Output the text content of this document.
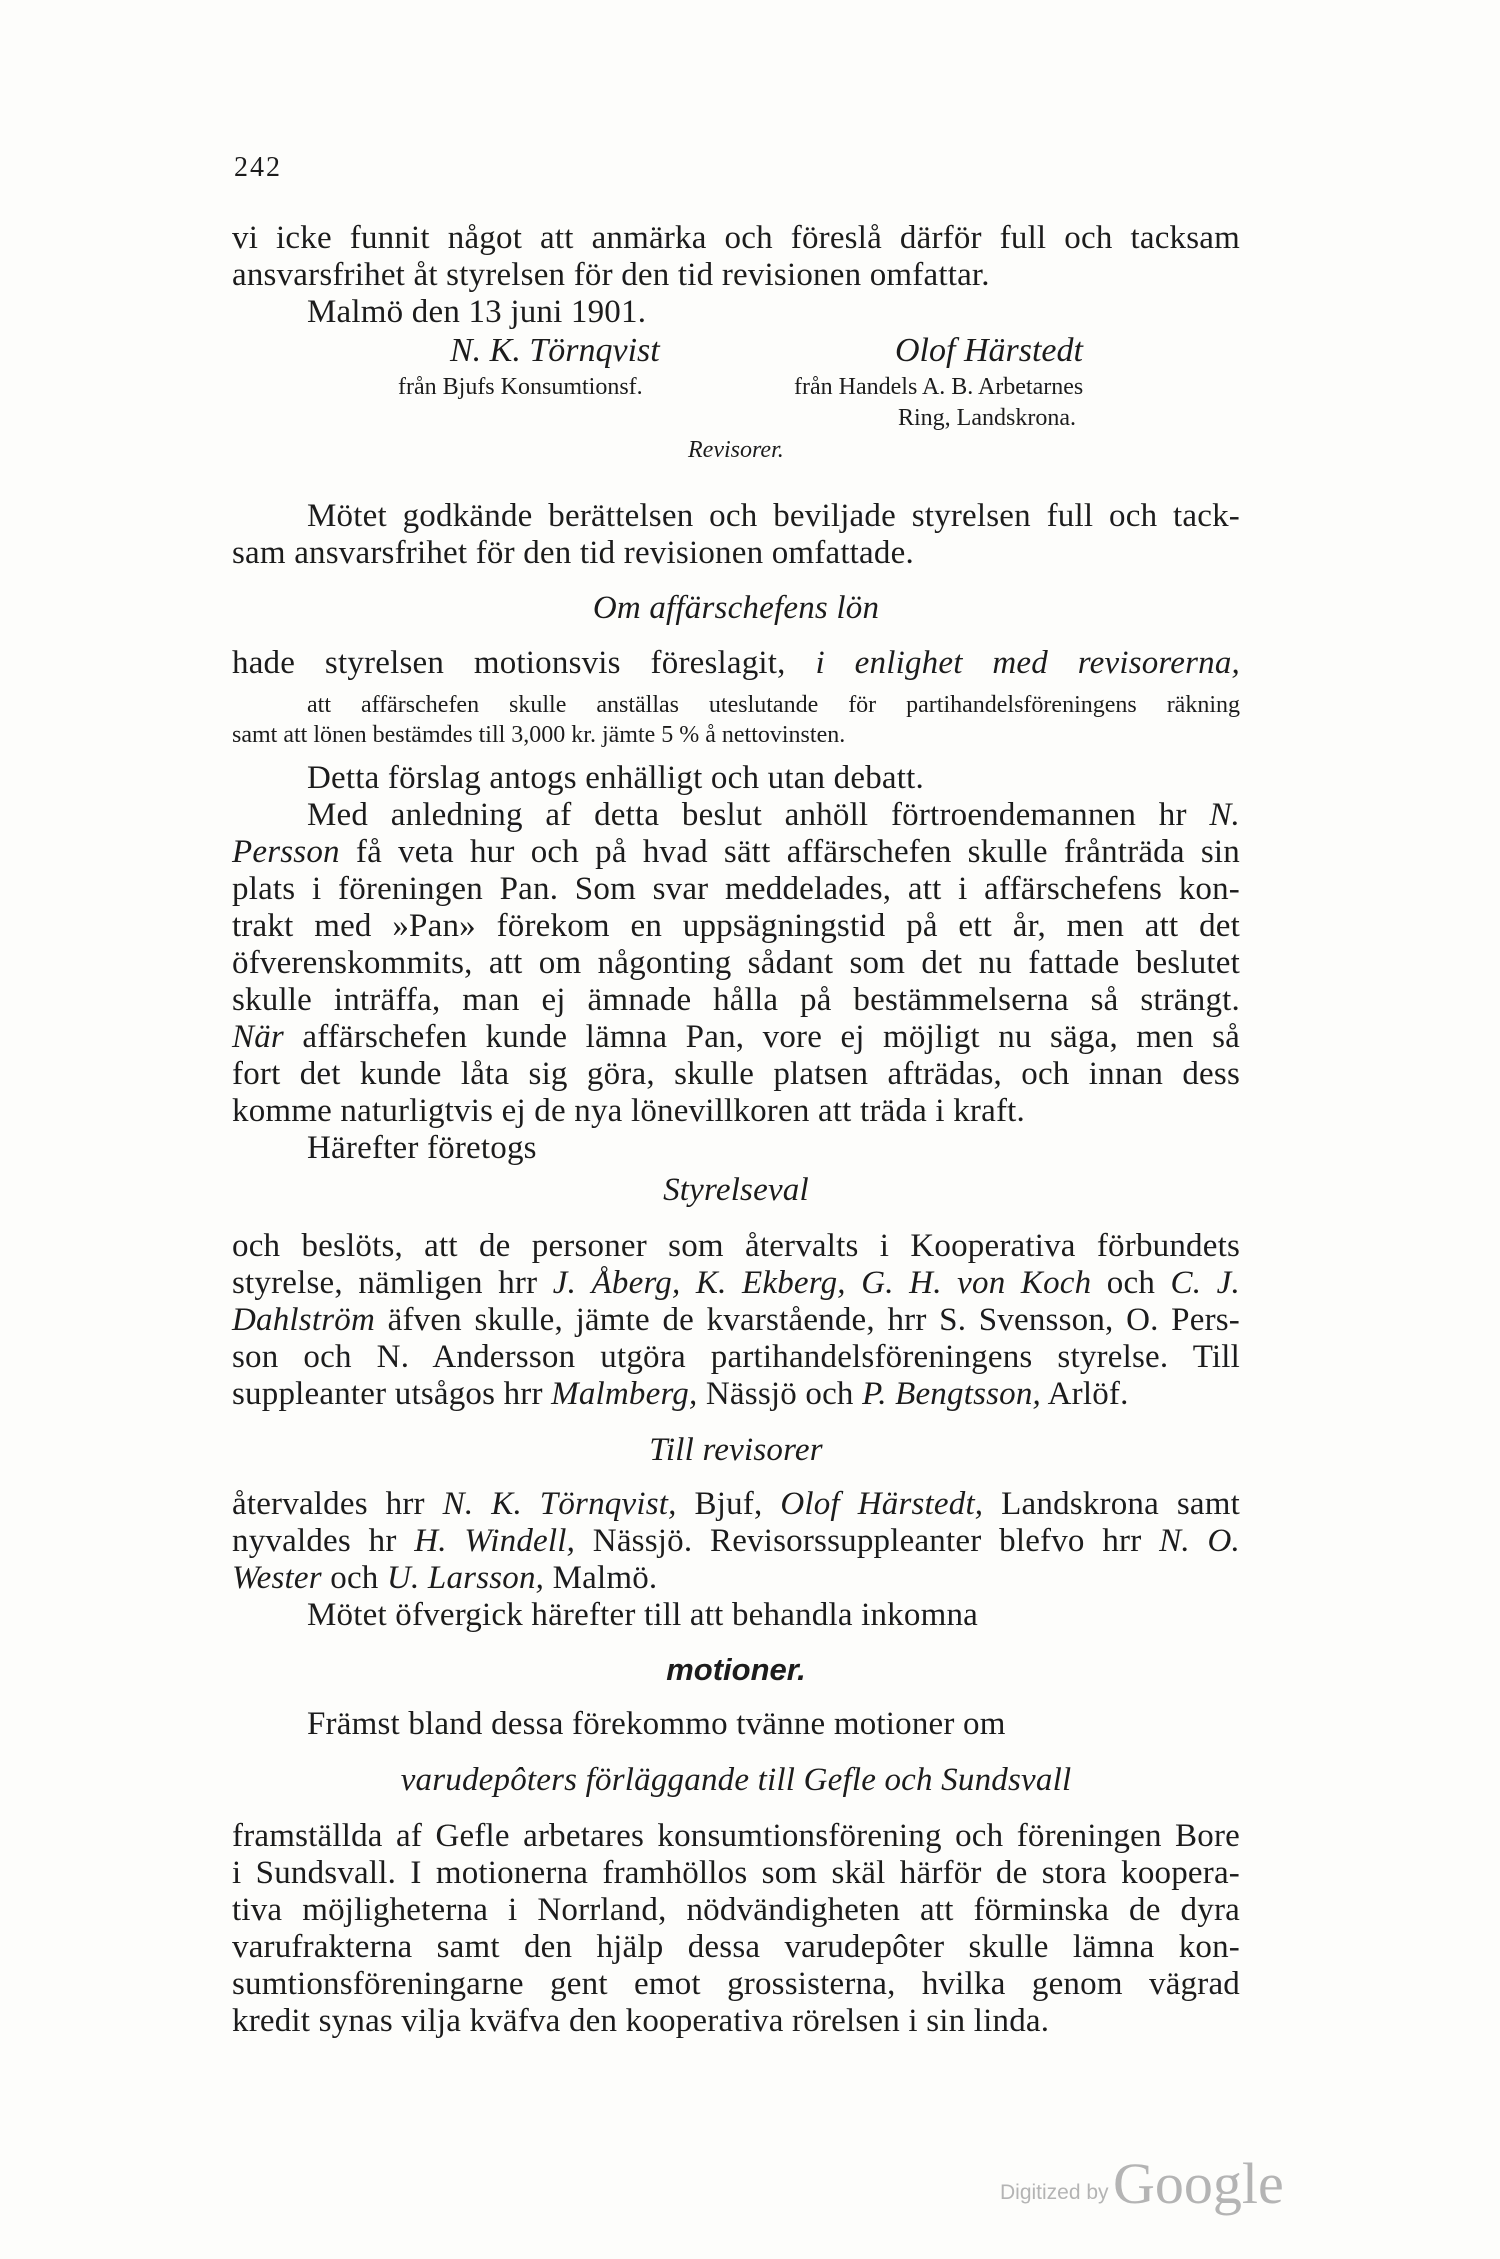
242
vi icke funnit något att anmärka och föreslå därför full och tacksam
ansvarsfrihet åt styrelsen för den tid revisionen omfattar.
Malmö den 13 juni 1901.
N. K. Törnqvist	Olof Härstedt
från Bjufs Konsumtionsf.	från Handels A. B. Arbetarnes
Ring, Landskrona.
Revisorer.
Mötet godkände berättelsen och beviljade styrelsen full och tack-
sam ansvarsfrihet för den tid revisionen omfattade.
Om affärschefens lön
hade styrelsen motionsvis föreslagit, i enlighet med revisorerna,
att affärschefen skulle anställas uteslutande för partihandelsföreningens räkning
samt att lönen bestämdes till 3,000 kr. jämte 5 % å nettovinsten.
Detta förslag antogs enhälligt och utan debatt.
Med anledning af detta beslut anhöll förtroendemannen hr N.
Persson få veta hur och på hvad sätt affärschefen skulle frånträda sin
plats i föreningen Pan. Som svar meddelades, att i affärschefens kon-
trakt med »Pan» förekom en uppsägningstid på ett år, men att det
öfverenskommits, att om någonting sådant som det nu fattade beslutet
skulle inträffa, man ej ämnade hålla på bestämmelserna så strängt.
När affärschefen kunde lämna Pan, vore ej möjligt nu säga, men så
fort det kunde låta sig göra, skulle platsen afträdas, och innan dess
komme naturligtvis ej de nya lönevillkoren att träda i kraft.
Härefter företogs
Styrelseval
och beslöts, att de personer som återvalts i Kooperativa förbundets
styrelse, nämligen hrr J. Åberg, K. Ekberg, G. H. von Koch och C. J.
Dahlström äfven skulle, jämte de kvarstående, hrr S. Svensson, O. Pers-
son och N. Andersson utgöra partihandelsföreningens styrelse. Till
suppleanter utsågos hrr Malmberg, Nässjö och P. Bengtsson, Arlöf.
Till revisorer
återvaldes hrr N. K. Törnqvist, Bjuf, Olof Härstedt, Landskrona samt
nyvaldes hr H. Windell, Nässjö. Revisorssuppleanter blefvo hrr N. O.
Wester och U. Larsson, Malmö.
Mötet öfvergick härefter till att behandla inkomna
motioner.
Främst bland dessa förekommo tvänne motioner om
varudepôters förläggande till Gefle och Sundsvall
framställda af Gefle arbetares konsumtionsförening och föreningen Bore
i Sundsvall. I motionerna framhöllos som skäl härför de stora koopera-
tiva möjligheterna i Norrland, nödvändigheten att förminska de dyra
varufrakterna samt den hjälp dessa varudepôter skulle lämna kon-
sumtionsföreningarne gent emot grossisterna, hvilka genom vägrad
kredit synas vilja kväfva den kooperativa rörelsen i sin linda.
Digitized by Google
